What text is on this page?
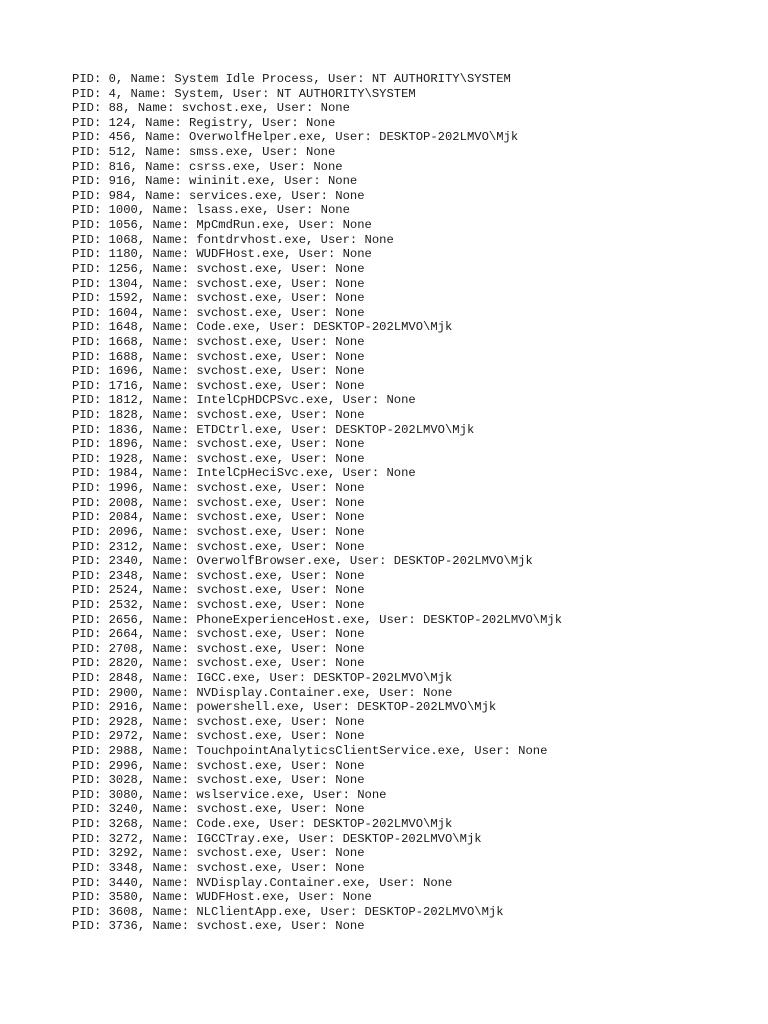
PID: 0, Name: System Idle Process, User: NT AUTHORITY\SYSTEM
PID: 4, Name: System, User: NT AUTHORITY\SYSTEM
PID: 88, Name: svchost.exe, User: None
PID: 124, Name: Registry, User: None
PID: 456, Name: OverwolfHelper.exe, User: DESKTOP-202LMVO\Mjk
PID: 512, Name: smss.exe, User: None
PID: 816, Name: csrss.exe, User: None
PID: 916, Name: wininit.exe, User: None
PID: 984, Name: services.exe, User: None
PID: 1000, Name: lsass.exe, User: None
PID: 1056, Name: MpCmdRun.exe, User: None
PID: 1068, Name: fontdrvhost.exe, User: None
PID: 1180, Name: WUDFHost.exe, User: None
PID: 1256, Name: svchost.exe, User: None
PID: 1304, Name: svchost.exe, User: None
PID: 1592, Name: svchost.exe, User: None
PID: 1604, Name: svchost.exe, User: None
PID: 1648, Name: Code.exe, User: DESKTOP-202LMVO\Mjk
PID: 1668, Name: svchost.exe, User: None
PID: 1688, Name: svchost.exe, User: None
PID: 1696, Name: svchost.exe, User: None
PID: 1716, Name: svchost.exe, User: None
PID: 1812, Name: IntelCpHDCPSvc.exe, User: None
PID: 1828, Name: svchost.exe, User: None
PID: 1836, Name: ETDCtrl.exe, User: DESKTOP-202LMVO\Mjk
PID: 1896, Name: svchost.exe, User: None
PID: 1928, Name: svchost.exe, User: None
PID: 1984, Name: IntelCpHeciSvc.exe, User: None
PID: 1996, Name: svchost.exe, User: None
PID: 2008, Name: svchost.exe, User: None
PID: 2084, Name: svchost.exe, User: None
PID: 2096, Name: svchost.exe, User: None
PID: 2312, Name: svchost.exe, User: None
PID: 2340, Name: OverwolfBrowser.exe, User: DESKTOP-202LMVO\Mjk
PID: 2348, Name: svchost.exe, User: None
PID: 2524, Name: svchost.exe, User: None
PID: 2532, Name: svchost.exe, User: None
PID: 2656, Name: PhoneExperienceHost.exe, User: DESKTOP-202LMVO\Mjk
PID: 2664, Name: svchost.exe, User: None
PID: 2708, Name: svchost.exe, User: None
PID: 2820, Name: svchost.exe, User: None
PID: 2848, Name: IGCC.exe, User: DESKTOP-202LMVO\Mjk
PID: 2900, Name: NVDisplay.Container.exe, User: None
PID: 2916, Name: powershell.exe, User: DESKTOP-202LMVO\Mjk
PID: 2928, Name: svchost.exe, User: None
PID: 2972, Name: svchost.exe, User: None
PID: 2988, Name: TouchpointAnalyticsClientService.exe, User: None
PID: 2996, Name: svchost.exe, User: None
PID: 3028, Name: svchost.exe, User: None
PID: 3080, Name: wslservice.exe, User: None
PID: 3240, Name: svchost.exe, User: None
PID: 3268, Name: Code.exe, User: DESKTOP-202LMVO\Mjk
PID: 3272, Name: IGCCTray.exe, User: DESKTOP-202LMVO\Mjk
PID: 3292, Name: svchost.exe, User: None
PID: 3348, Name: svchost.exe, User: None
PID: 3440, Name: NVDisplay.Container.exe, User: None
PID: 3580, Name: WUDFHost.exe, User: None
PID: 3608, Name: NLClientApp.exe, User: DESKTOP-202LMVO\Mjk
PID: 3736, Name: svchost.exe, User: None
